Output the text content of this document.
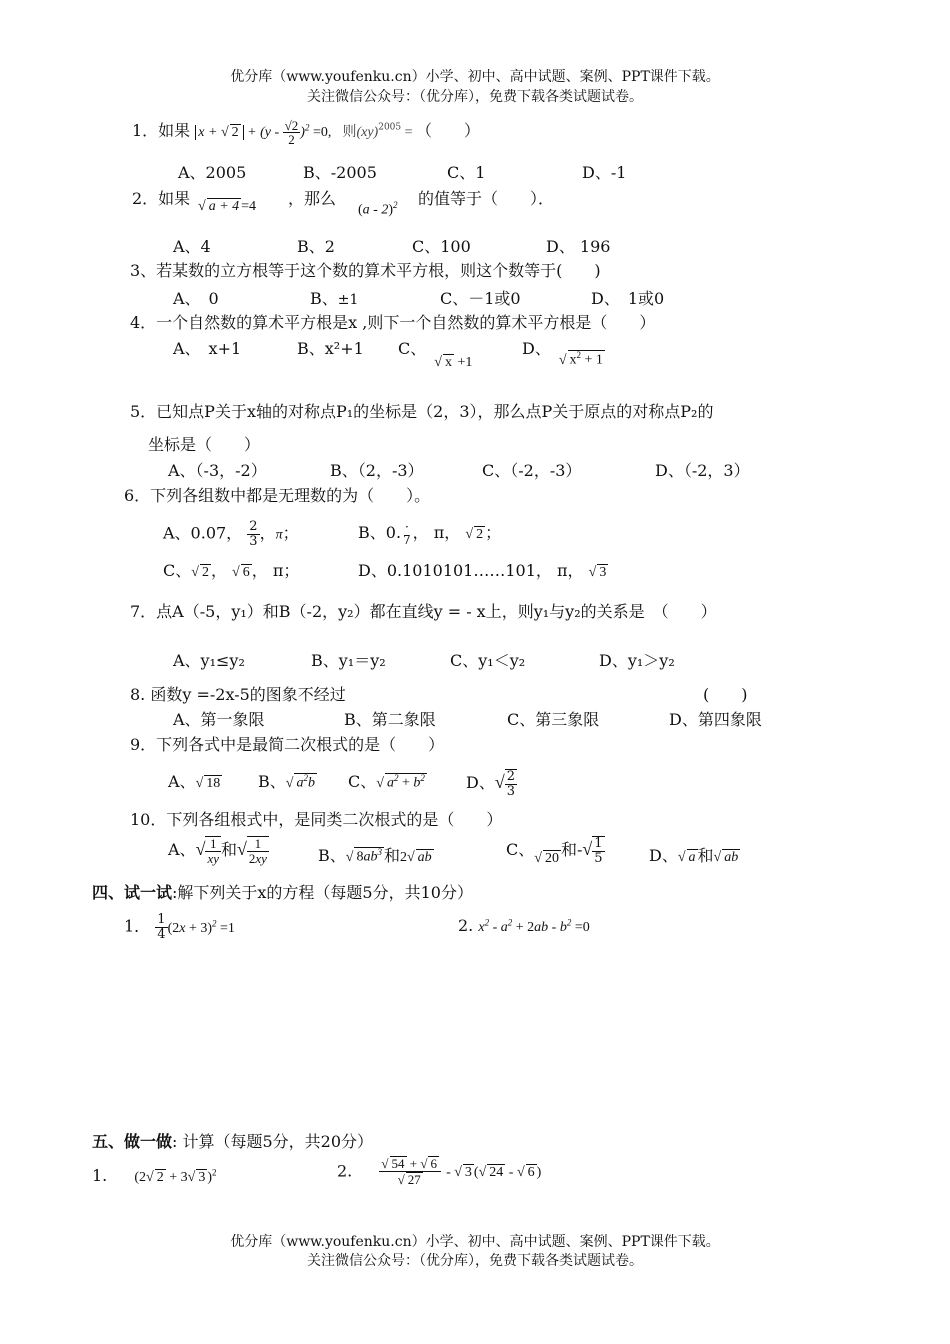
优分库（www.youfenku.cn）小学、初中、高中试题、案例、PPT课件下载。
关注微信公众号：（优分库），免费下载各类试题试卷。
1．如果 x + √ $2 + (y - \frac{√2}{2} )^2 =0$, 则(xy)$^{2005}$ = （　　）
A、2005	B、-2005	C、1	D、-1
2．如果 √ a + 4 =4 ，那么
(a - 2)$^2$ 的值等于（　　）．
A、4	B、2	C、100	D、 196
3、若某数的立方根等于这个数的算术平方根，则这个数等于(　　)
A、　0	B、±1	C、－1或0	D、　1或0
4．一个自然数的算术平方根是x ,则下一个自然数的算术平方根是（　　）
A、　x+1	B、x²+1 C、√ x +1
D、√ $x^2 + 1$
5．已知点P关于x轴的对称点P₁的坐标是（2，3），那么点P关于原点的对称点P₂的
坐标是（　　）
A、（-3，-2）	B、（2，-3）	C、（-2，-3）	D、（-2，3）
6．下列各组数中都是无理数的为（　　）。
A、0.07， $\frac{2}{3}$ ，π；	B、0. ·
7 ， π， √ 2 ；
C、√ 2 ， √ 6 ， π；	D、0.1010101……101， π， √ 3
7．点A（-5，y₁）和B（-2，y₂）都在直线y = - x上，则y₁与y₂的关系是　（　　）
A、y₁≤y₂	B、y₁＝y₂	C、y₁＜y₂	D、y₁＞y₂
8. 函数y =-2x-5的图象不经过	(　　)
A、第一象限	B、第二象限	C、第三象限	D、第四象限
9．下列各式中是最简二次根式的是（　　）
A、√ 18 B、√ $a^2b$ C、√ $a^2 + b^2$	D、√ $\frac{2}{3}$
10．下列各组根式中，是同类二次根式的是（　　）
A、√ $\frac{1}{xy}$ 和√ $\frac{1}{2xy}$	B、√ $8ab^3$ 和2√ ab	C、√ 20 和-√ $\frac{1}{5}$	D、√ a 和√ ab
四、试一试:解下列关于x的方程（每题5分，共10分）
1． $\frac{1}{4} (2x + 3)^2 =1$	2. $x^2 - a^2 + 2ab - b^2 =0$
五、做一做: 计算（每题5分，共20分）
1. (2√ 2 + 3√ 3 )$^2$	2. $\frac{√ 54 + √ 6}{√ 27}$ - √ 3 (√ 24 - √ 6 )
优分库（www.youfenku.cn）小学、初中、高中试题、案例、PPT课件下载。
关注微信公众号：（优分库），免费下载各类试题试卷。
